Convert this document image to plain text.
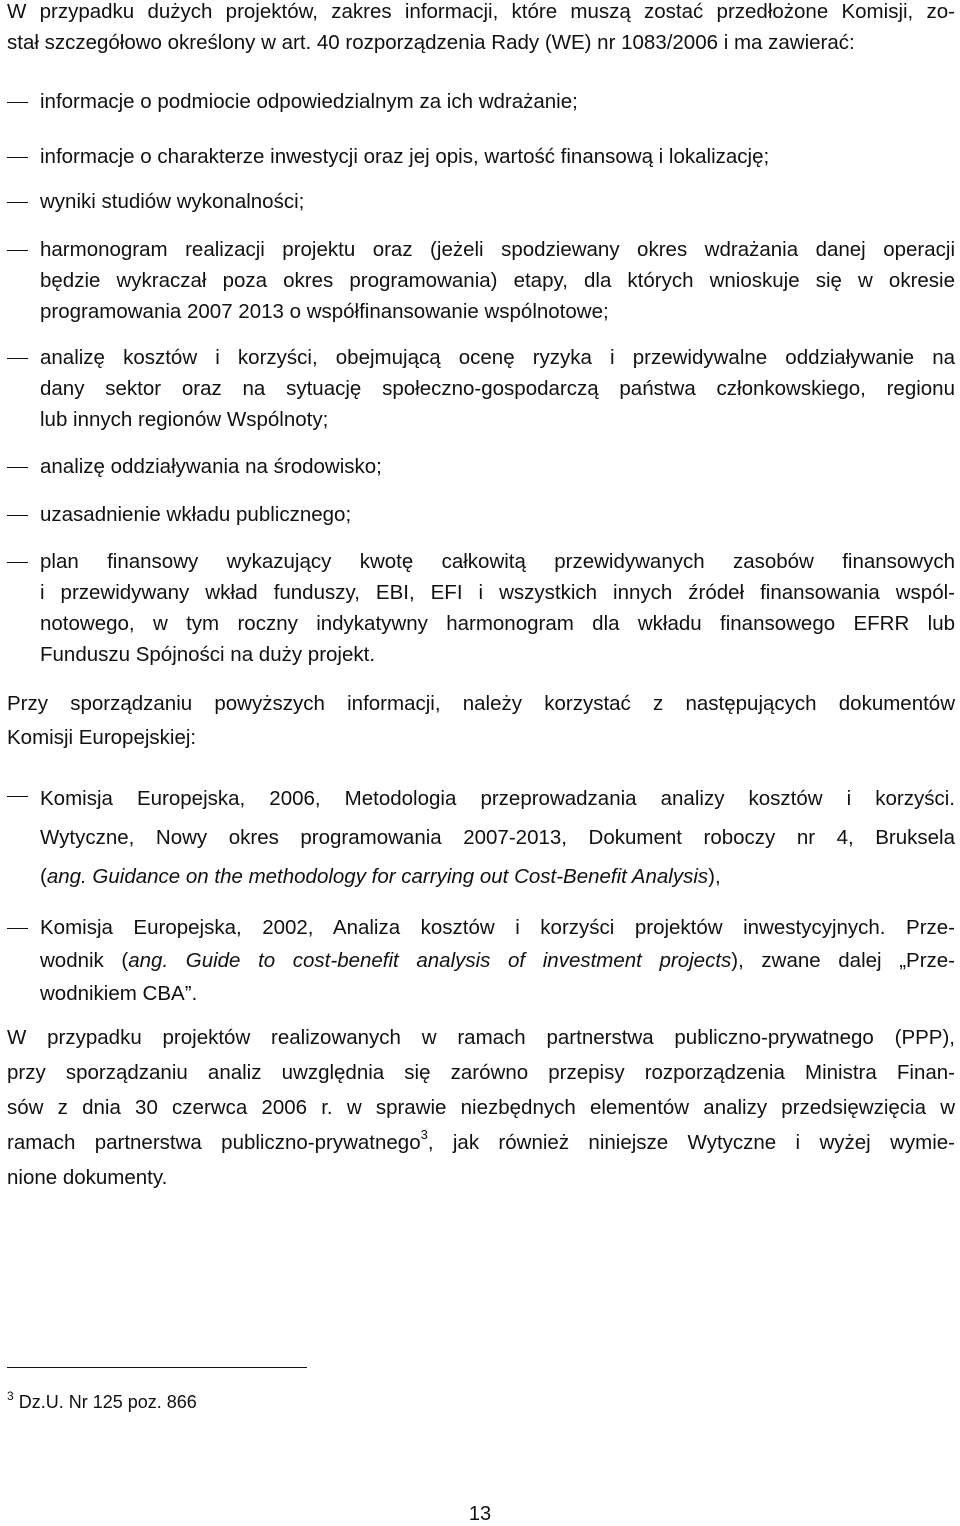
W przypadku dużych projektów, zakres informacji, które muszą zostać przedłożone Komisji, zo-
stał szczegółowo określony w art. 40 rozporządzenia Rady (WE) nr 1083/2006 i ma zawierać:

informacje o podmiocie odpowiedzialnym za ich wdrażanie;

informacje o charakterze inwestycji oraz jej opis, wartość finansową i lokalizację;

wyniki studiów wykonalności;

harmonogram realizacji projektu oraz (jeżeli spodziewany okres wdrażania danej operacji
będzie wykraczał poza okres programowania) etapy, dla których wnioskuje się w okresie
programowania 2007 2013 o współfinansowanie wspólnotowe;

analizę kosztów i korzyści, obejmującą ocenę ryzyka i przewidywalne oddziaływanie na
dany sektor oraz na sytuację społeczno-gospodarczą państwa członkowskiego, regionu
lub innych regionów Wspólnoty;

analizę oddziaływania na środowisko;

uzasadnienie wkładu publicznego;

plan finansowy wykazujący kwotę całkowitą przewidywanych zasobów finansowych
i przewidywany wkład funduszy, EBI, EFI i wszystkich innych źródeł finansowania wspól-
notowego, w tym roczny indykatywny harmonogram dla wkładu finansowego EFRR lub
Funduszu Spójności na duży projekt.

Przy sporządzaniu powyższych informacji, należy korzystać z następujących dokumentów
Komisji Europejskiej:

Komisja Europejska, 2006, Metodologia przeprowadzania analizy kosztów i korzyści.
Wytyczne, Nowy okres programowania 2007-2013, Dokument roboczy nr 4, Bruksela
(ang. Guidance on the methodology for carrying out Cost-Benefit Analysis),

Komisja Europejska, 2002, Analiza kosztów i korzyści projektów inwestycyjnych. Prze-
wodnik (ang. Guide to cost-benefit analysis of investment projects), zwane dalej „Prze-
wodnikiem CBA”.

W przypadku projektów realizowanych w ramach partnerstwa publiczno-prywatnego (PPP),
przy sporządzaniu analiz uwzględnia się zarówno przepisy rozporządzenia Ministra Finan-
sów z dnia 30 czerwca 2006 r. w sprawie niezbędnych elementów analizy przedsięwzięcia w
ramach partnerstwa publiczno-prywatnego$^3$, jak również niniejsze Wytyczne i wyżej wymie-
nione dokumenty.

$^3$ Dz.U. Nr 125 poz. 866
13
